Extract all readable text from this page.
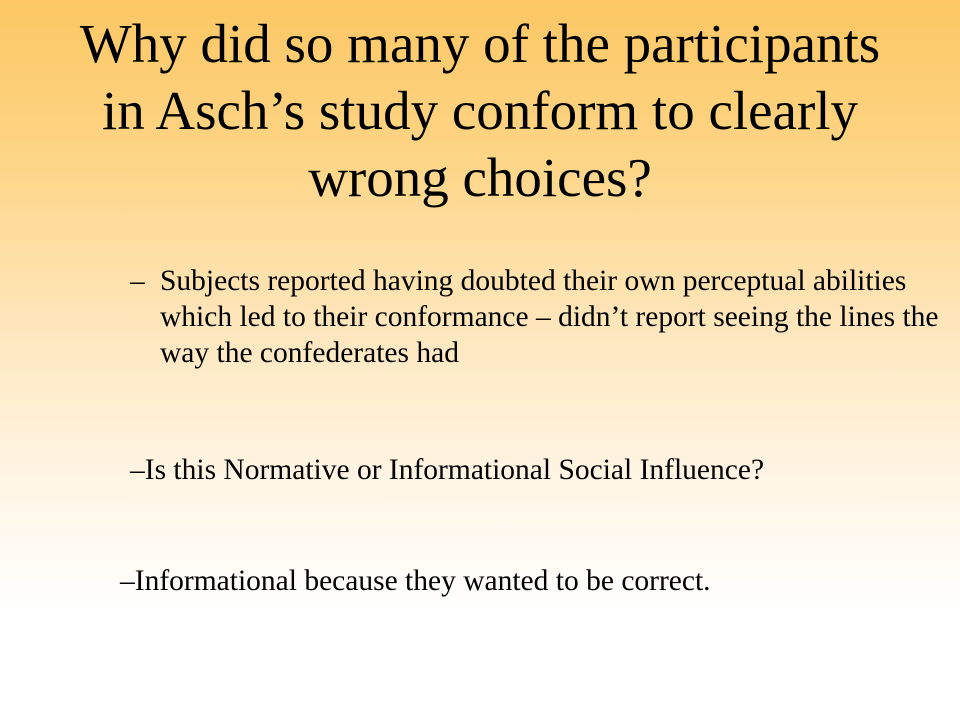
Why did so many of the participants
in Asch’s study conform to clearly
wrong choices?

– Subjects reported having doubted their own perceptual abilities which led to their conformance – didn’t report seeing the lines the way the confederates had

–Is this Normative or Informational Social Influence?

–Informational because they wanted to be correct.
